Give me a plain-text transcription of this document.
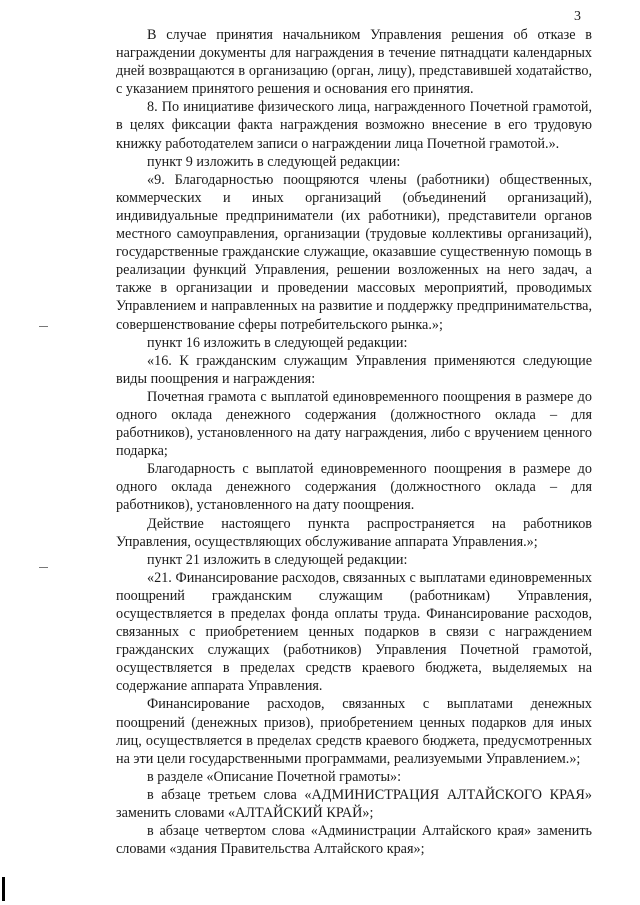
3

В случае принятия начальником Управления решения об отказе в награждении документы для награждения в течение пятнадцати календарных дней возвращаются в организацию (орган, лицу), представившей ходатайство, с указанием принятого решения и основания его принятия.

8. По инициативе физического лица, награжденного Почетной грамотой, в целях фиксации факта награждения возможно внесение в его трудовую книжку работодателем записи о награждении лица Почетной грамотой.».

пункт 9 изложить в следующей редакции:

«9. Благодарностью поощряются члены (работники) общественных, коммерческих и иных организаций (объединений организаций), индивидуальные предприниматели (их работники), представители органов местного самоуправления, организации (трудовые коллективы организаций), государственные гражданские служащие, оказавшие существенную помощь в реализации функций Управления, решении возложенных на него задач, а также в организации и проведении массовых мероприятий, проводимых Управлением и направленных на развитие и поддержку предпринимательства, совершенствование сферы потребительского рынка.»;

пункт 16 изложить в следующей редакции:

«16. К гражданским служащим Управления применяются следующие виды поощрения и награждения:

Почетная грамота с выплатой единовременного поощрения в размере до одного оклада денежного содержания (должностного оклада – для работников), установленного на дату награждения, либо с вручением ценного подарка;

Благодарность с выплатой единовременного поощрения в размере до одного оклада денежного содержания (должностного оклада – для работников), установленного на дату поощрения.

Действие настоящего пункта распространяется на работников Управления, осуществляющих обслуживание аппарата Управления.»;

пункт 21 изложить в следующей редакции:

«21. Финансирование расходов, связанных с выплатами единовременных поощрений гражданским служащим (работникам) Управления, осуществляется в пределах фонда оплаты труда. Финансирование расходов, связанных с приобретением ценных подарков в связи с награждением гражданских служащих (работников) Управления Почетной грамотой, осуществляется в пределах средств краевого бюджета, выделяемых на содержание аппарата Управления.

Финансирование расходов, связанных с выплатами денежных поощрений (денежных призов), приобретением ценных подарков для иных лиц, осуществляется в пределах средств краевого бюджета, предусмотренных на эти цели государственными программами, реализуемыми Управлением.»;

в разделе «Описание Почетной грамоты»:

в абзаце третьем слова «АДМИНИСТРАЦИЯ АЛТАЙСКОГО КРАЯ» заменить словами «АЛТАЙСКИЙ КРАЙ»;

в абзаце четвертом слова «Администрации Алтайского края» заменить словами «здания Правительства Алтайского края»;
